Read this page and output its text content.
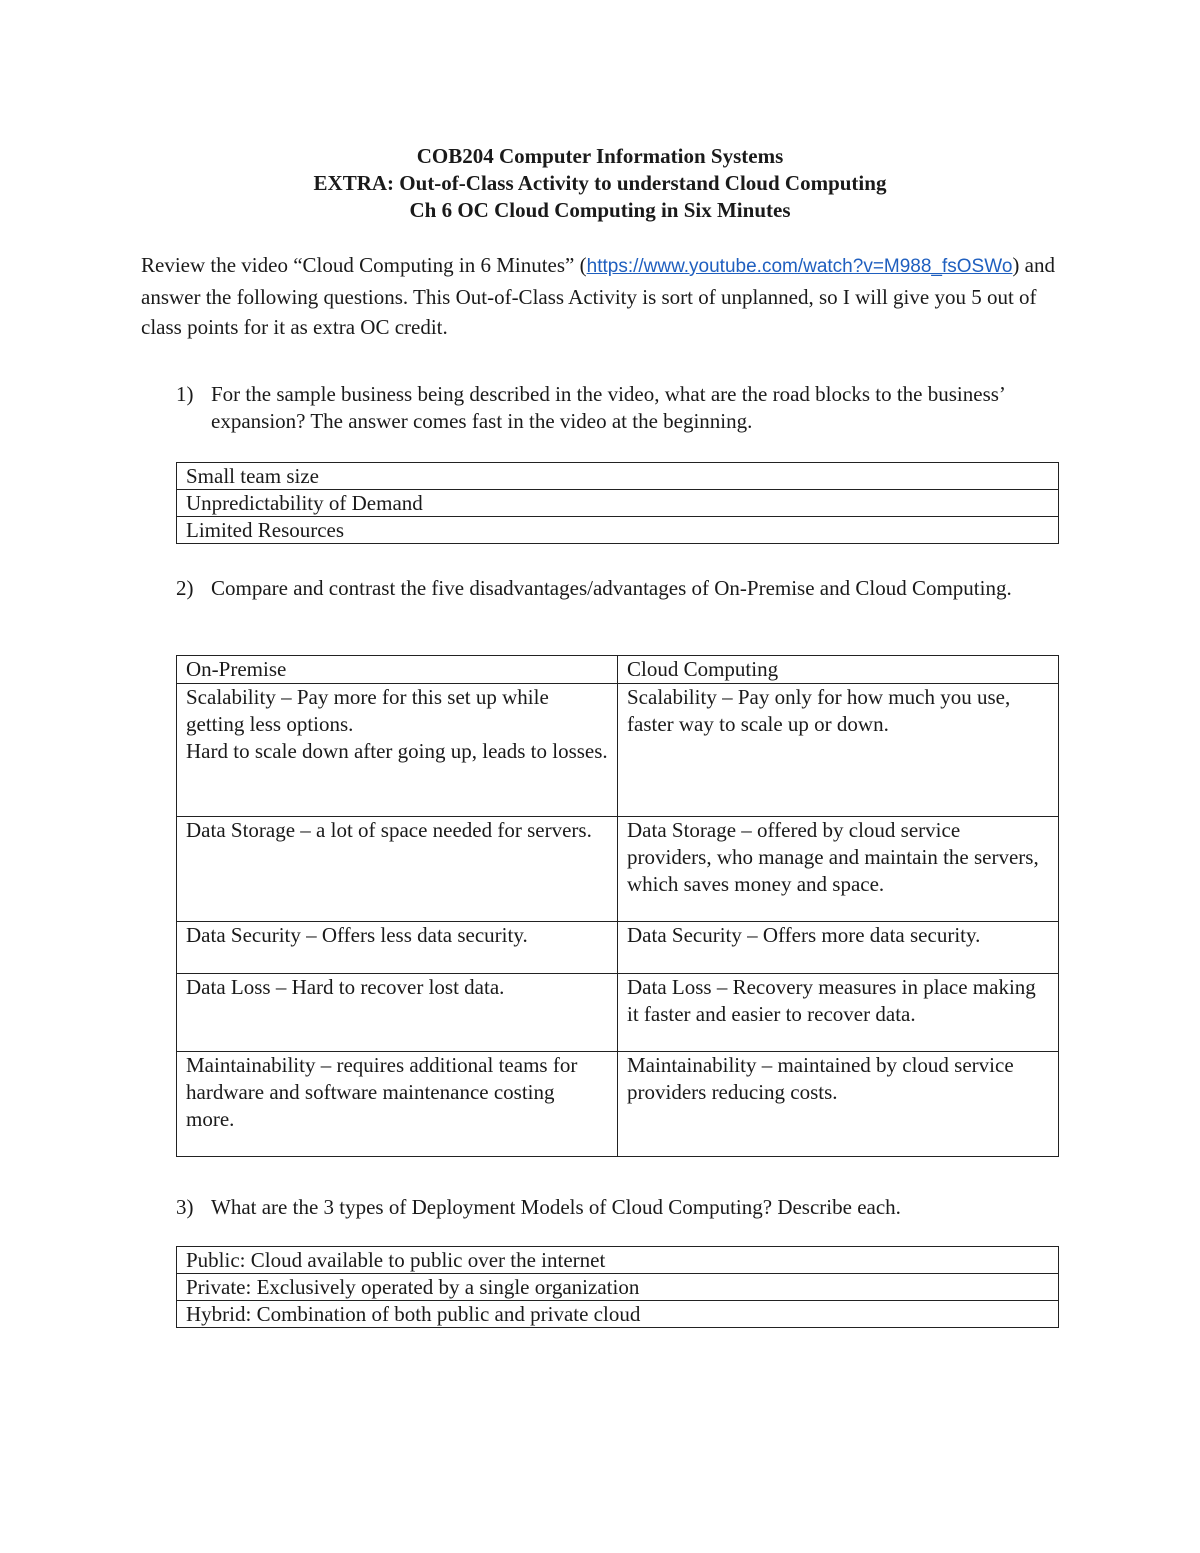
COB204 Computer Information Systems
EXTRA: Out-of-Class Activity to understand Cloud Computing
Ch 6 OC Cloud Computing in Six Minutes
Review the video “Cloud Computing in 6 Minutes” (https://www.youtube.com/watch?v=M988_fsOSWo) and answer the following questions. This Out-of-Class Activity is sort of unplanned, so I will give you 5 out of class points for it as extra OC credit.
1) For the sample business being described in the video, what are the road blocks to the business’ expansion? The answer comes fast in the video at the beginning.
Small team size
Unpredictability of Demand
Limited Resources
2) Compare and contrast the five disadvantages/advantages of On-Premise and Cloud Computing.
On-Premise	Cloud Computing
Scalability – Pay more for this set up while getting less options.
Hard to scale down after going up, leads to losses.	Scalability – Pay only for how much you use, faster way to scale up or down.
Data Storage – a lot of space needed for servers.	Data Storage – offered by cloud service providers, who manage and maintain the servers, which saves money and space.
Data Security – Offers less data security.	Data Security – Offers more data security.
Data Loss – Hard to recover lost data.	Data Loss – Recovery measures in place making it faster and easier to recover data.
Maintainability – requires additional teams for hardware and software maintenance costing more.	Maintainability – maintained by cloud service providers reducing costs.
3) What are the 3 types of Deployment Models of Cloud Computing? Describe each.
Public: Cloud available to public over the internet
Private: Exclusively operated by a single organization
Hybrid: Combination of both public and private cloud
